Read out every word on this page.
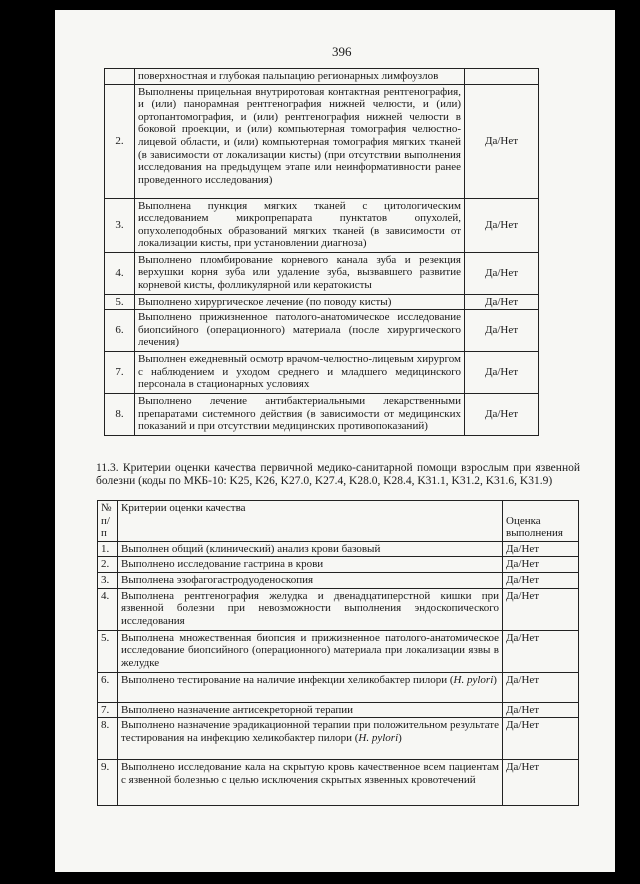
396
	поверхностная и глубокая пальпацию регионарных лимфоузлов	
2.	Выполнены прицельная внутриротовая контактная рентгенография, и (или) панорамная рентгенография нижней челюсти, и (или) ортопантомография, и (или) рентгенография нижней челюсти в боковой проекции, и (или) компьютерная томография челюстно-лицевой области, и (или) компьютерная томография мягких тканей (в зависимости от локализации кисты) (при отсутствии выполнения исследования на предыдущем этапе или неинформативности ранее проведенного исследования)	Да/Нет
3.	Выполнена пункция мягких тканей с цитологическим исследованием микропрепарата пунктатов опухолей, опухолеподобных образований мягких тканей (в зависимости от локализации кисты, при установлении диагноза)	Да/Нет
4.	Выполнено пломбирование корневого канала зуба и резекция верхушки корня зуба или удаление зуба, вызвавшего развитие корневой кисты, фолликулярной или кератокисты	Да/Нет
5.	Выполнено хирургическое лечение (по поводу кисты)	Да/Нет
6.	Выполнено прижизненное патолого-анатомическое исследование биопсийного (операционного) материала (после хирургического лечения)	Да/Нет
7.	Выполнен ежедневный осмотр врачом-челюстно-лицевым хирургом с наблюдением и уходом среднего и младшего медицинского персонала в стационарных условиях	Да/Нет
8.	Выполнено лечение антибактериальными лекарственными препаратами системного действия (в зависимости от медицинских показаний и при отсутствии медицинских противопоказаний)	Да/Нет
11.3. Критерии оценки качества первичной медико-санитарной помощи взрослым при язвенной болезни (коды по МКБ-10: K25, K26, K27.0, K27.4, K28.0, K28.4, K31.1, K31.2, K31.6, K31.9)
№ п/п	Критерии оценки качества	Оценка выполнения
1.	Выполнен общий (клинический) анализ крови базовый	Да/Нет
2.	Выполнено исследование гастрина в крови	Да/Нет
3.	Выполнена эзофагогастродуоденоскопия	Да/Нет
4.	Выполнена рентгенография желудка и двенадцатиперстной кишки при язвенной болезни при невозможности выполнения эндоскопического исследования	Да/Нет
5.	Выполнена множественная биопсия и прижизненное патолого-анатомическое исследование биопсийного (операционного) материала при локализации язвы в желудке	Да/Нет
6.	Выполнено тестирование на наличие инфекции хеликобактер пилори (H. pylori)	Да/Нет
7.	Выполнено назначение антисекреторной терапии	Да/Нет
8.	Выполнено назначение эрадикационной терапии при положительном результате тестирования на инфекцию хеликобактер пилори (H. pylori)	Да/Нет
9.	Выполнено исследование кала на скрытую кровь качественное всем пациентам с язвенной болезнью с целью исключения скрытых язвенных кровотечений	Да/Нет
